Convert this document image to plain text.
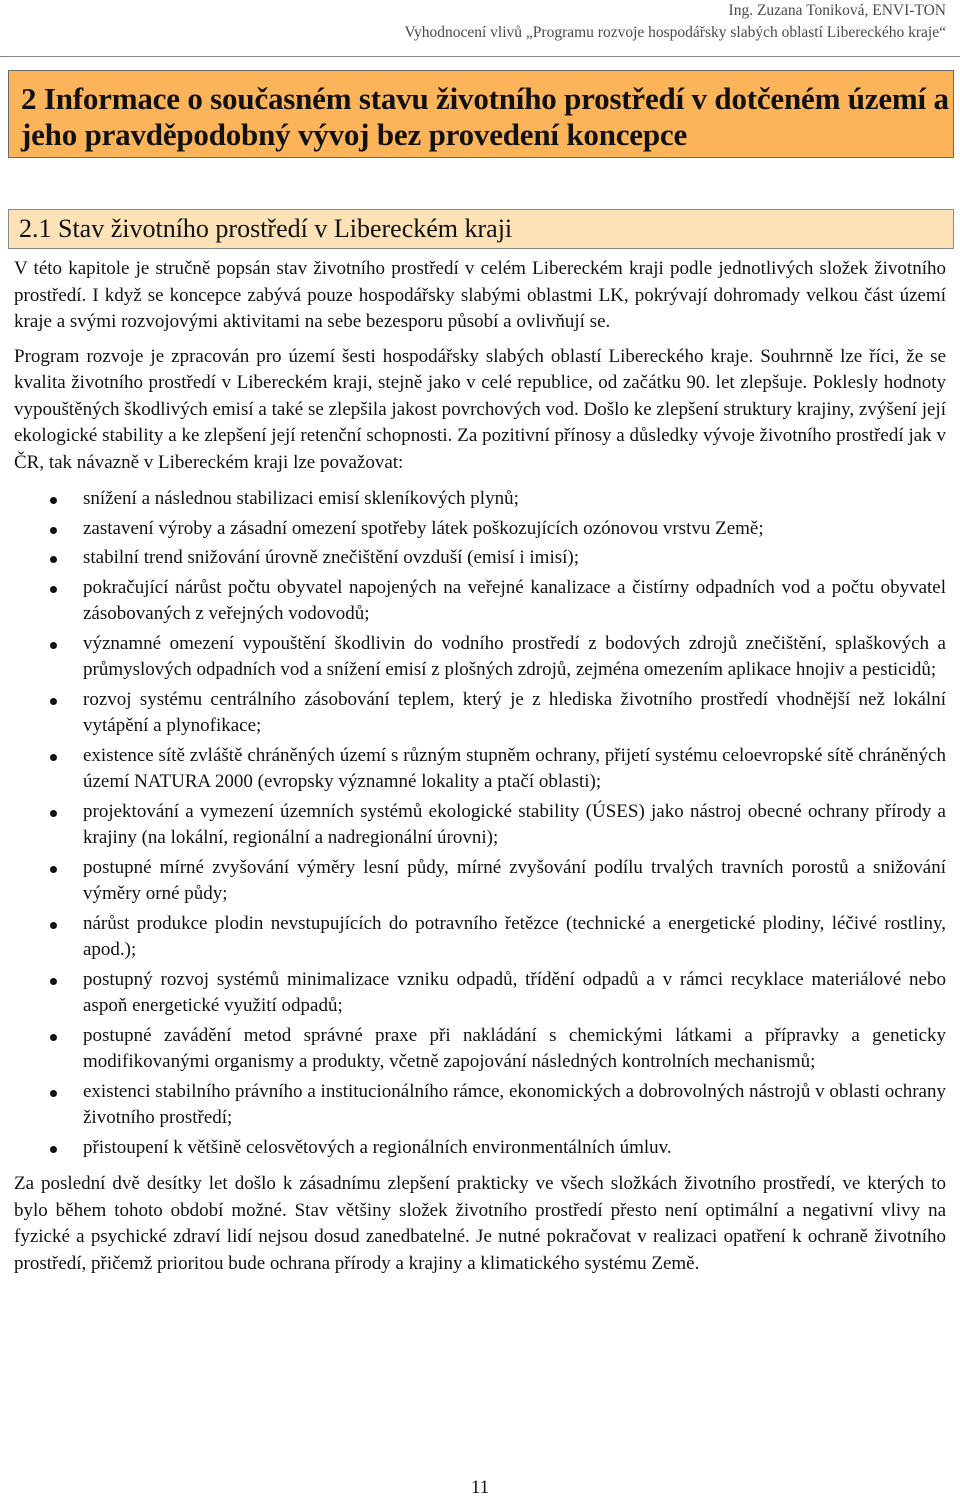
Ing. Zuzana Toniková, ENVI-TON
Vyhodnocení vlivů „Programu rozvoje hospodářsky slabých oblastí Libereckého kraje“
2 Informace o současném stavu životního prostředí v dotčeném území a jeho pravděpodobný vývoj bez provedení koncepce
2.1 Stav životního prostředí v Libereckém kraji

V této kapitole je stručně popsán stav životního prostředí v celém Libereckém kraji podle jednotlivých složek životního prostředí. I když se koncepce zabývá pouze hospodářsky slabými oblastmi LK, pokrývají dohromady velkou část území kraje a svými rozvojovými aktivitami na sebe bezesporu působí a ovlivňují se.

Program rozvoje je zpracován pro území šesti hospodářsky slabých oblastí Libereckého kraje. Souhrnně lze říci, že se kvalita životního prostředí v Libereckém kraji, stejně jako v celé republice, od začátku 90. let zlepšuje. Poklesly hodnoty vypouštěných škodlivých emisí a také se zlepšila jakost povrchových vod. Došlo ke zlepšení struktury krajiny, zvýšení její ekologické stability a ke zlepšení její retenční schopnosti. Za pozitivní přínosy a důsledky vývoje životního prostředí jak v ČR, tak návazně v Libereckém kraji lze považovat:

snížení a následnou stabilizaci emisí skleníkových plynů;
zastavení výroby a zásadní omezení spotřeby látek poškozujících ozónovou vrstvu Země;
stabilní trend snižování úrovně znečištění ovzduší (emisí i imisí);
pokračující nárůst počtu obyvatel napojených na veřejné kanalizace a čistírny odpadních vod a počtu obyvatel zásobovaných z veřejných vodovodů;
významné omezení vypouštění škodlivin do vodního prostředí z bodových zdrojů znečištění, splaškových a průmyslových odpadních vod a snížení emisí z plošných zdrojů, zejména omezením aplikace hnojiv a pesticidů;
rozvoj systému centrálního zásobování teplem, který je z hlediska životního prostředí vhodnější než lokální vytápění a plynofikace;
existence sítě zvláště chráněných území s různým stupněm ochrany, přijetí systému celoevropské sítě chráněných území NATURA 2000 (evropsky významné lokality a ptačí oblasti);
projektování a vymezení územních systémů ekologické stability (ÚSES) jako nástroj obecné ochrany přírody a krajiny (na lokální, regionální a nadregionální úrovni);
postupné mírné zvyšování výměry lesní půdy, mírné zvyšování podílu trvalých travních porostů a snižování výměry orné půdy;
nárůst produkce plodin nevstupujících do potravního řetězce (technické a energetické plodiny, léčivé rostliny, apod.);
postupný rozvoj systémů minimalizace vzniku odpadů, třídění odpadů a v rámci recyklace materiálové nebo aspoň energetické využití odpadů;
postupné zavádění metod správné praxe při nakládání s chemickými látkami a přípravky a geneticky modifikovanými organismy a produkty, včetně zapojování následných kontrolních mechanismů;
existenci stabilního právního a institucionálního rámce, ekonomických a dobrovolných nástrojů v oblasti ochrany životního prostředí;
přistoupení k většině celosvětových a regionálních environmentálních úmluv.

Za poslední dvě desítky let došlo k zásadnímu zlepšení prakticky ve všech složkách životního prostředí, ve kterých to bylo během tohoto období možné. Stav většiny složek životního prostředí přesto není optimální a negativní vlivy na fyzické a psychické zdraví lidí nejsou dosud zanedbatelné. Je nutné pokračovat v realizaci opatření k ochraně životního prostředí, přičemž prioritou bude ochrana přírody a krajiny a klimatického systému Země.

11
